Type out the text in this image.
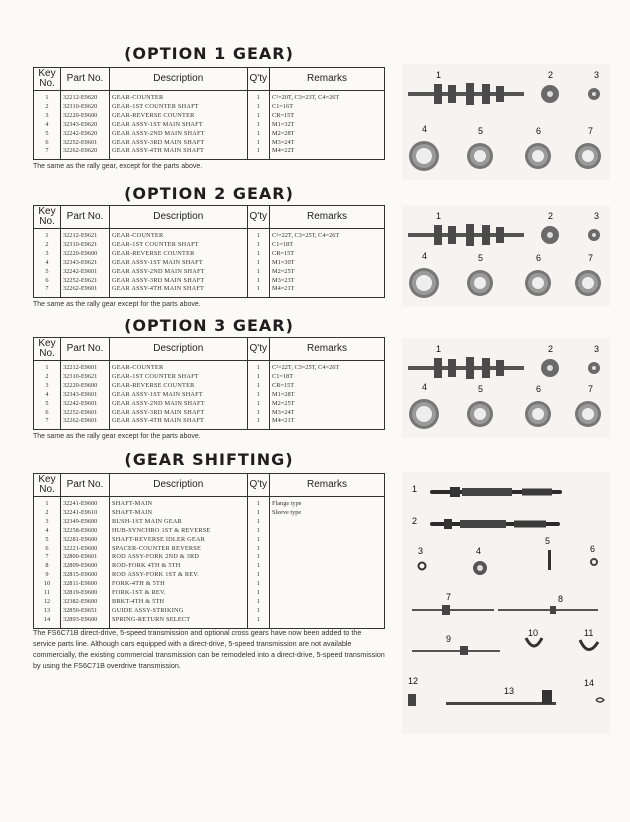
(OPTION 1 GEAR)
Key No.	Part No.	Description	Q'ty	Remarks
1	32212-E9620	GEAR-COUNTER	1	C²=20T, C3=23T, C4=26T
2	32310-E9620	GEAR-1ST COUNTER SHAFT	1	C1=16T
3	32220-E9600	GEAR-REVERSE COUNTER	1	CR=15T
4	32343-E9620	GEAR ASSY-1ST MAIN SHAFT	1	M1=32T
5	32242-E9620	GEAR ASSY-2ND MAIN SHAFT	1	M2=28T
6	32252-E9601	GEAR ASSY-3RD MAIN SHAFT	1	M3=24T
7	32262-E9620	GEAR ASSY-4TH MAIN SHAFT	1	M4=22T

The same as the rally gear, except for the parts above.

(OPTION 2 GEAR)
Key No.	Part No.	Description	Q'ty	Remarks
1	32212-E9621	GEAR-COUNTER	1	C²=22T, C3=25T, C4=26T
2	32310-E9621	GEAR-1ST COUNTER SHAFT	1	C1=18T
3	32220-E9600	GEAR-REVERSE COUNTER	1	CR=15T
4	32343-E9621	GEAR ASSY-1ST MAIN SHAFT	1	M1=30T
5	32242-E9601	GEAR ASSY-2ND MAIN SHAFT	1	M2=25T
6	32252-E9621	GEAR ASSY-3RD MAIN SHAFT	1	M3=23T
7	32262-E9601	GEAR ASSY-4TH MAIN SHAFT	1	M4=21T

The same as the rally gear except for the parts above.

(OPTION 3 GEAR)
Key No.	Part No.	Description	Q'ty	Remarks
1	32212-E9601	GEAR-COUNTER	1	C²=22T, C3=25T, C4=26T
2	32310-E9621	GEAR-1ST COUNTER SHAFT	1	C1=18T
3	32220-E9600	GEAR-REVERSE COUNTER	1	CR=15T
4	32343-E9601	GEAR ASSY-1ST MAIN SHAFT	1	M1=28T
5	32242-E9601	GEAR ASSY-2ND MAIN SHAFT	1	M2=25T
6	32252-E9601	GEAR ASSY-3RD MAIN SHAFT	1	M3=24T
7	32262-E9601	GEAR ASSY-4TH MAIN SHAFT	1	M4=21T

The same as the rally gear except for the parts above.

(GEAR SHIFTING)
Key No.	Part No.	Description	Q'ty	Remarks
1	32241-E9600	SHAFT-MAIN	1	Flange type
2	32241-E9610	SHAFT-MAIN	1	Sleeve type
3	32349-E9600	BUSH-1ST MAIN GEAR	1	
4	32258-E9600	HUB-SYNCHRO 1ST & REVERSE	1	
5	32281-E9600	SHAFT-REVERSE IDLER GEAR	1	
6	32221-E9600	SPACER-COUNTER REVERSE	1	
7	32800-E9601	ROD ASSY-FORK 2ND & 3RD	1	
8	32809-E9600	ROD-FORK 4TH & 5TH	1	
9	32815-E9600	ROD ASSY-FORK 1ST & REV.	1	
10	32811-E9600	FORK-4TH & 5TH	1	
11	32819-E9600	FORK-1ST & REV.	1	
12	32382-E9600	BRKT-4TH & 5TH	1	
13	32850-E9651	GUIDE ASSY-STRIKING	1	
14	32893-E9600	SPRING-RETURN SELECT	1	

The FS6C71B direct-drive, 5-speed transmission and optional cross gears have now been added to the service parts line. Although cars equipped with a direct-drive, 5-speed transmission are not available commercially, the existing commercial transmission can be remodeled into a direct-drive, 5-speed transmission by using the FS6C71B overdrive transmission.

1	2	3
4	5	6	7
1	2	3
4	5	6	7
1	2	3
4	5	6	7
1
2
3	4
5
6
7	8
9
10	11
12
13
14
